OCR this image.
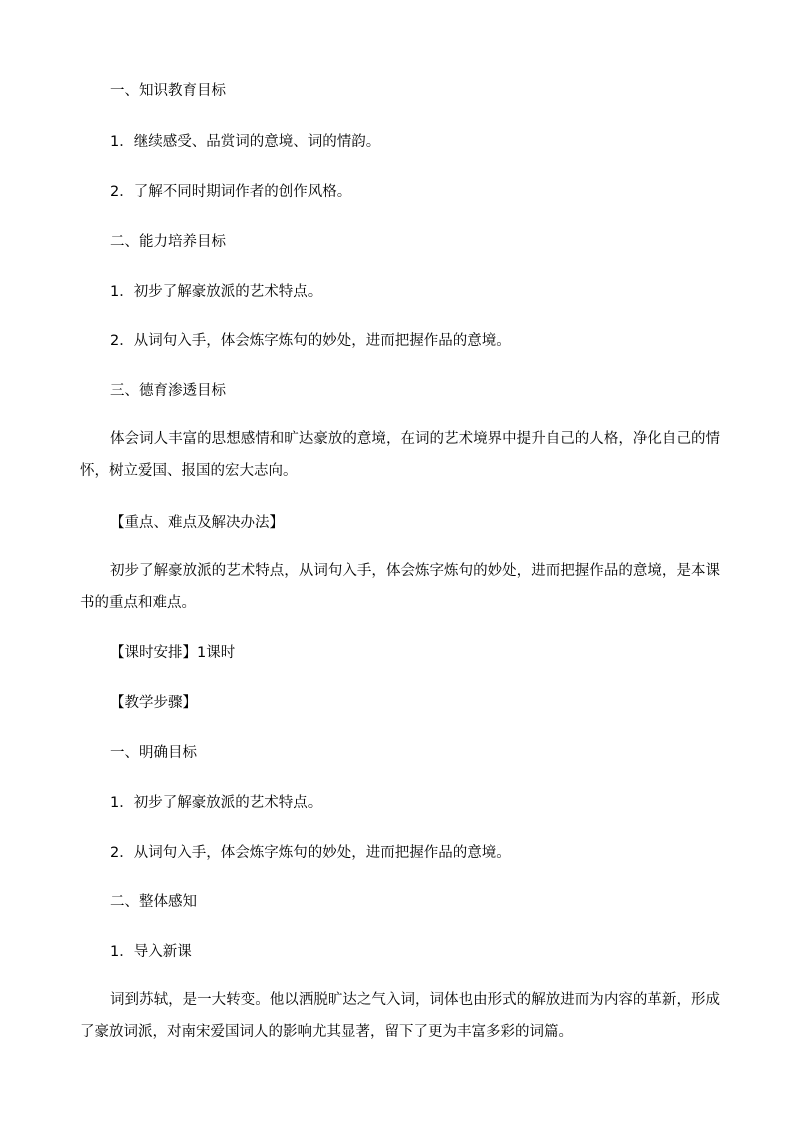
一、知识教育目标
1．继续感受、品赏词的意境、词的情韵。
2．了解不同时期词作者的创作风格。
二、能力培养目标
1．初步了解豪放派的艺术特点。
2．从词句入手，体会炼字炼句的妙处，进而把握作品的意境。
三、德育渗透目标
体会词人丰富的思想感情和旷达豪放的意境，在词的艺术境界中提升自己的人格，净化自己的情怀，树立爱国、报国的宏大志向。
【重点、难点及解决办法】
初步了解豪放派的艺术特点，从词句入手，体会炼字炼句的妙处，进而把握作品的意境，是本课书的重点和难点。
【课时安排】1课时
【教学步骤】
一、明确目标
1．初步了解豪放派的艺术特点。
2．从词句入手，体会炼字炼句的妙处，进而把握作品的意境。
二、整体感知
1．导入新课
词到苏轼，是一大转变。他以洒脱旷达之气入词，词体也由形式的解放进而为内容的革新，形成了豪放词派，对南宋爱国词人的影响尤其显著，留下了更为丰富多彩的词篇。
